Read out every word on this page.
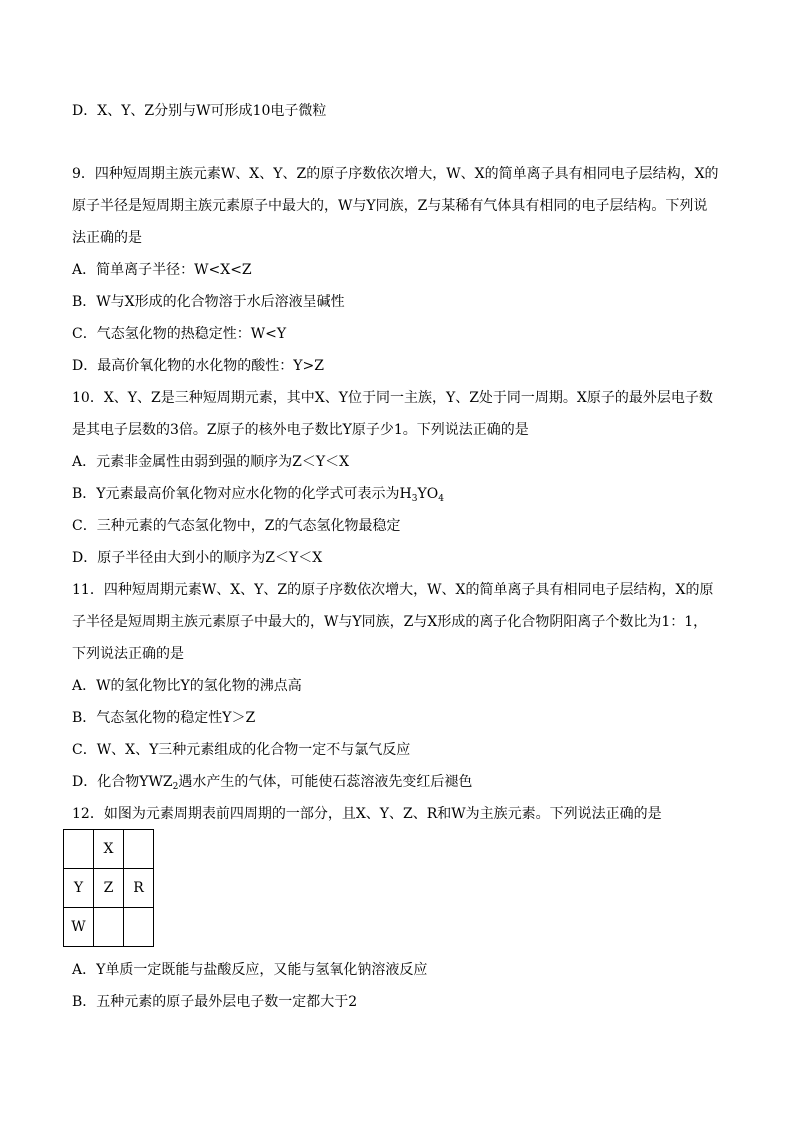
D．X、Y、Z分别与W可形成10电子微粒
9．四种短周期主族元素W、X、Y、Z的原子序数依次增大，W、X的简单离子具有相同电子层结构，X的
原子半径是短周期主族元素原子中最大的，W与Y同族，Z与某稀有气体具有相同的电子层结构。下列说
法正确的是
A．简单离子半径：W<X<Z
B．W与X形成的化合物溶于水后溶液呈碱性
C．气态氢化物的热稳定性：W<Y
D．最高价氧化物的水化物的酸性：Y>Z
10．X、Y、Z是三种短周期元素，其中X、Y位于同一主族，Y、Z处于同一周期。X原子的最外层电子数
是其电子层数的3倍。Z原子的核外电子数比Y原子少1。下列说法正确的是
A．元素非金属性由弱到强的顺序为Z＜Y＜X
B．Y元素最高价氧化物对应水化物的化学式可表示为$H_3YO_4$
C．三种元素的气态氢化物中，Z的气态氢化物最稳定
D．原子半径由大到小的顺序为Z＜Y＜X
11．四种短周期元素W、X、Y、Z的原子序数依次增大，W、X的简单离子具有相同电子层结构，X的原
子半径是短周期主族元素原子中最大的，W与Y同族，Z与X形成的离子化合物阴阳离子个数比为1：1，
下列说法正确的是
A．W的氢化物比Y的氢化物的沸点高
B．气态氢化物的稳定性Y＞Z
C．W、X、Y三种元素组成的化合物一定不与氯气反应
D．化合物$YWZ_2$遇水产生的气体，可能使石蕊溶液先变红后褪色
12．如图为元素周期表前四周期的一部分，且X、Y、Z、R和W为主族元素。下列说法正确的是
	X	
Y	Z	R
W		
A．Y单质一定既能与盐酸反应，又能与氢氧化钠溶液反应
B．五种元素的原子最外层电子数一定都大于2
